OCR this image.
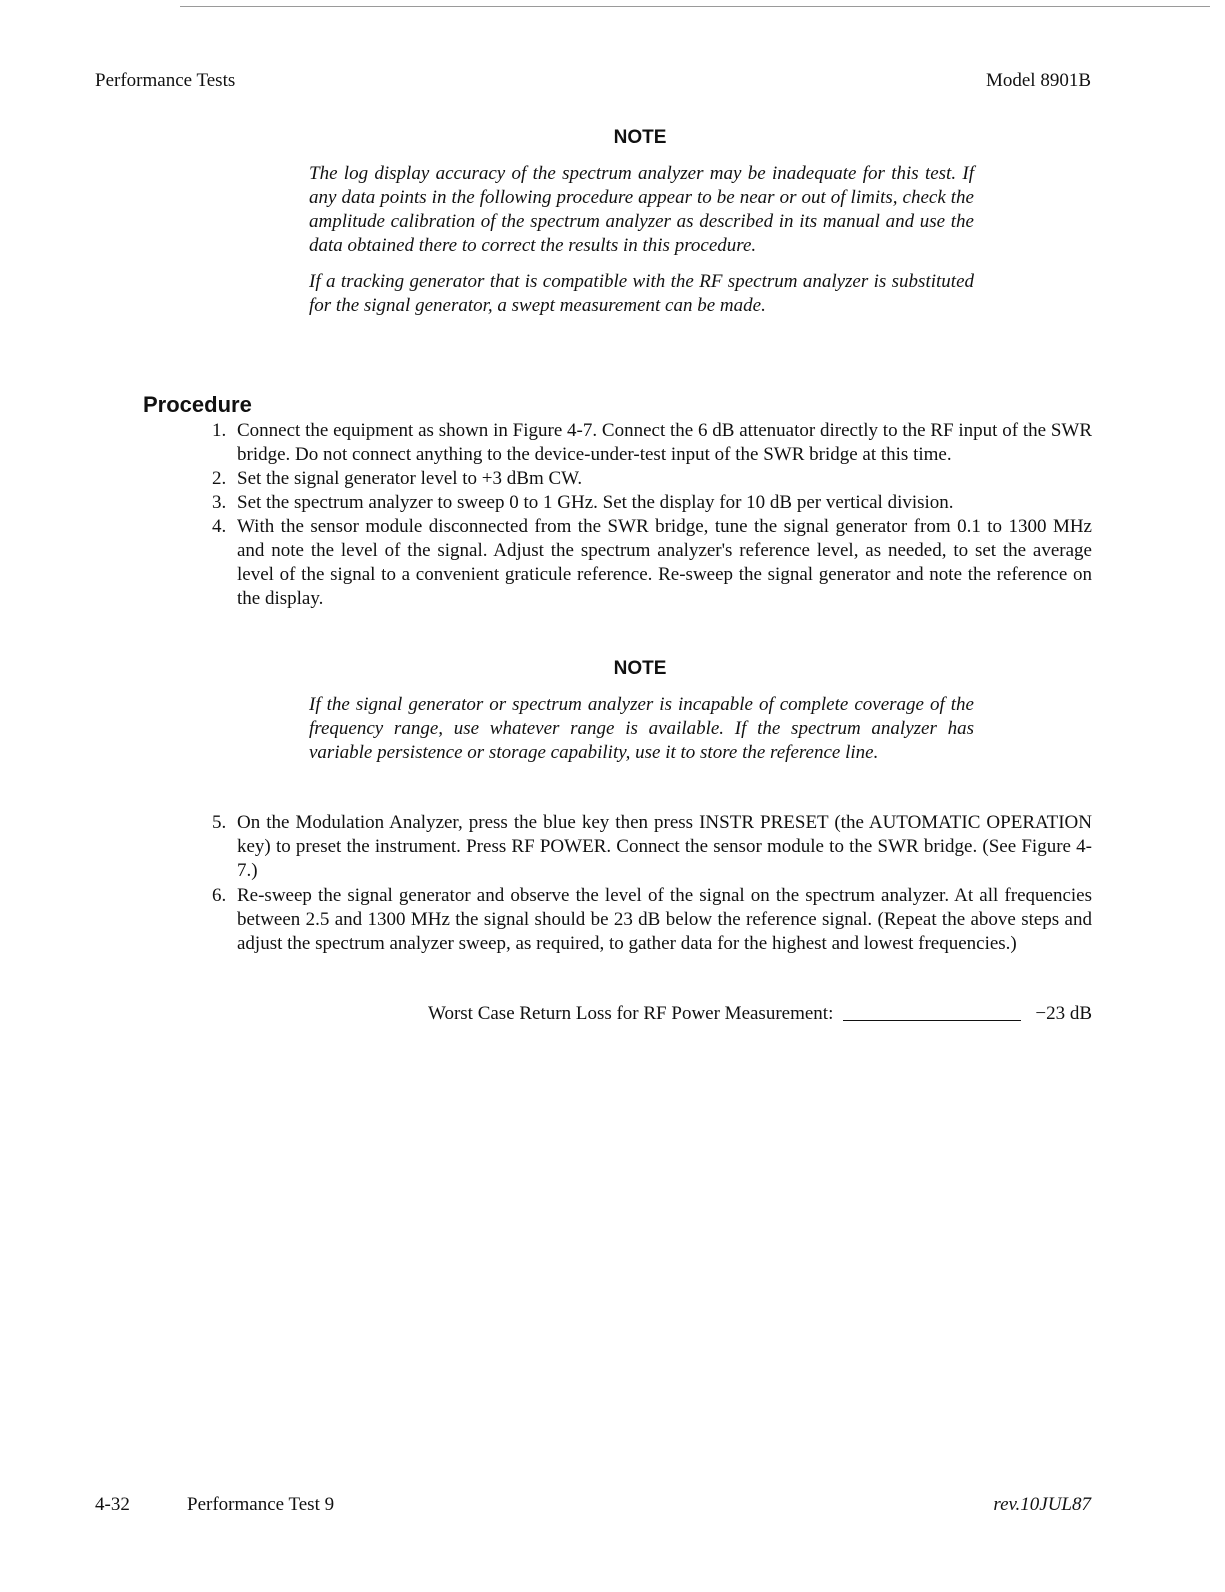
Performance Tests	Model 8901B
NOTE

The log display accuracy of the spectrum analyzer may be inadequate for this test. If any data points in the following procedure appear to be near or out of limits, check the amplitude calibration of the spectrum analyzer as described in its manual and use the data obtained there to correct the results in this procedure.

If a tracking generator that is compatible with the RF spectrum analyzer is substituted for the signal generator, a swept measurement can be made.

Procedure
1. Connect the equipment as shown in Figure 4-7. Connect the 6 dB attenuator directly to the RF input of the SWR bridge. Do not connect anything to the device-under-test input of the SWR bridge at this time.
2. Set the signal generator level to +3 dBm CW.
3. Set the spectrum analyzer to sweep 0 to 1 GHz. Set the display for 10 dB per vertical division.
4. With the sensor module disconnected from the SWR bridge, tune the signal generator from 0.1 to 1300 MHz and note the level of the signal. Adjust the spectrum analyzer's reference level, as needed, to set the average level of the signal to a convenient graticule reference. Re-sweep the signal generator and note the reference on the display.
NOTE

If the signal generator or spectrum analyzer is incapable of complete coverage of the frequency range, use whatever range is available. If the spectrum analyzer has variable persistence or storage capability, use it to store the reference line.

5. On the Modulation Analyzer, press the blue key then press INSTR PRESET (the AUTOMATIC OPERATION key) to preset the instrument. Press RF POWER. Connect the sensor module to the SWR bridge. (See Figure 4-7.)
6. Re-sweep the signal generator and observe the level of the signal on the spectrum analyzer. At all frequencies between 2.5 and 1300 MHz the signal should be 23 dB below the reference signal. (Repeat the above steps and adjust the spectrum analyzer sweep, as required, to gather data for the highest and lowest frequencies.)
Worst Case Return Loss for RF Power Measurement:	−23 dB
4-32	Performance Test 9	rev.10JUL87
